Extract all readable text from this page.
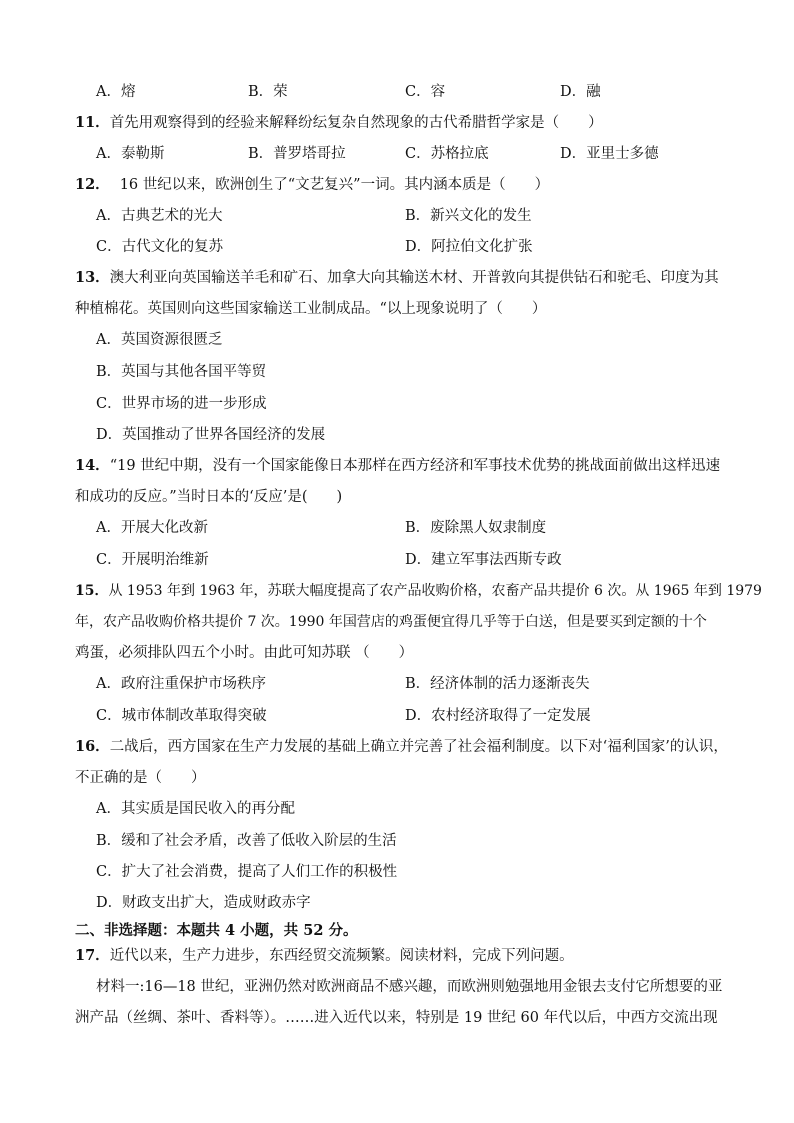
A．熔	B．荣	C．容	D．融
11．首先用观察得到的经验来解释纷纭复杂自然现象的古代希腊哲学家是（　　）
A．泰勒斯	B．普罗塔哥拉	C．苏格拉底	D．亚里士多德
12． 16 世纪以来，欧洲创生了“文艺复兴”一词。其内涵本质是（　　）
A．古典艺术的光大	B．新兴文化的发生
C．古代文化的复苏	D．阿拉伯文化扩张
13．澳大利亚向英国输送羊毛和矿石、加拿大向其输送木材、开普敦向其提供钻石和驼毛、印度为其
种植棉花。英国则向这些国家输送工业制成品。“以上现象说明了（　　）
A．英国资源很匮乏
B．英国与其他各国平等贸
C．世界市场的进一步形成
D．英国推动了世界各国经济的发展
14．“19 世纪中期，没有一个国家能像日本那样在西方经济和军事技术优势的挑战面前做出这样迅速
和成功的反应。”当时日本的‘反应’是(　　)
A．开展大化改新	B．废除黑人奴隶制度
C．开展明治维新	D．建立军事法西斯专政
15．从 1953 年到 1963 年，苏联大幅度提高了农产品收购价格，农畜产品共提价 6 次。从 1965 年到 1979
年，农产品收购价格共提价 7 次。1990 年国营店的鸡蛋便宜得几乎等于白送，但是要买到定额的十个
鸡蛋，必须排队四五个小时。由此可知苏联 （　　）
A．政府注重保护市场秩序	B．经济体制的活力逐渐丧失
C．城市体制改革取得突破	D．农村经济取得了一定发展
16．二战后，西方国家在生产力发展的基础上确立并完善了社会福利制度。以下对‘福利国家’的认识，
不正确的是（　　）
A．其实质是国民收入的再分配
B．缓和了社会矛盾，改善了低收入阶层的生活
C．扩大了社会消费，提高了人们工作的积极性
D．财政支出扩大，造成财政赤字
二、非选择题：本题共 4 小题，共 52 分。
17．近代以来，生产力进步，东西经贸交流频繁。阅读材料，完成下列问题。
材料一:16—18 世纪，亚洲仍然对欧洲商品不感兴趣，而欧洲则勉强地用金银去支付它所想要的亚
洲产品（丝绸、茶叶、香料等）。……进入近代以来，特别是 19 世纪 60 年代以后，中西方交流出现
